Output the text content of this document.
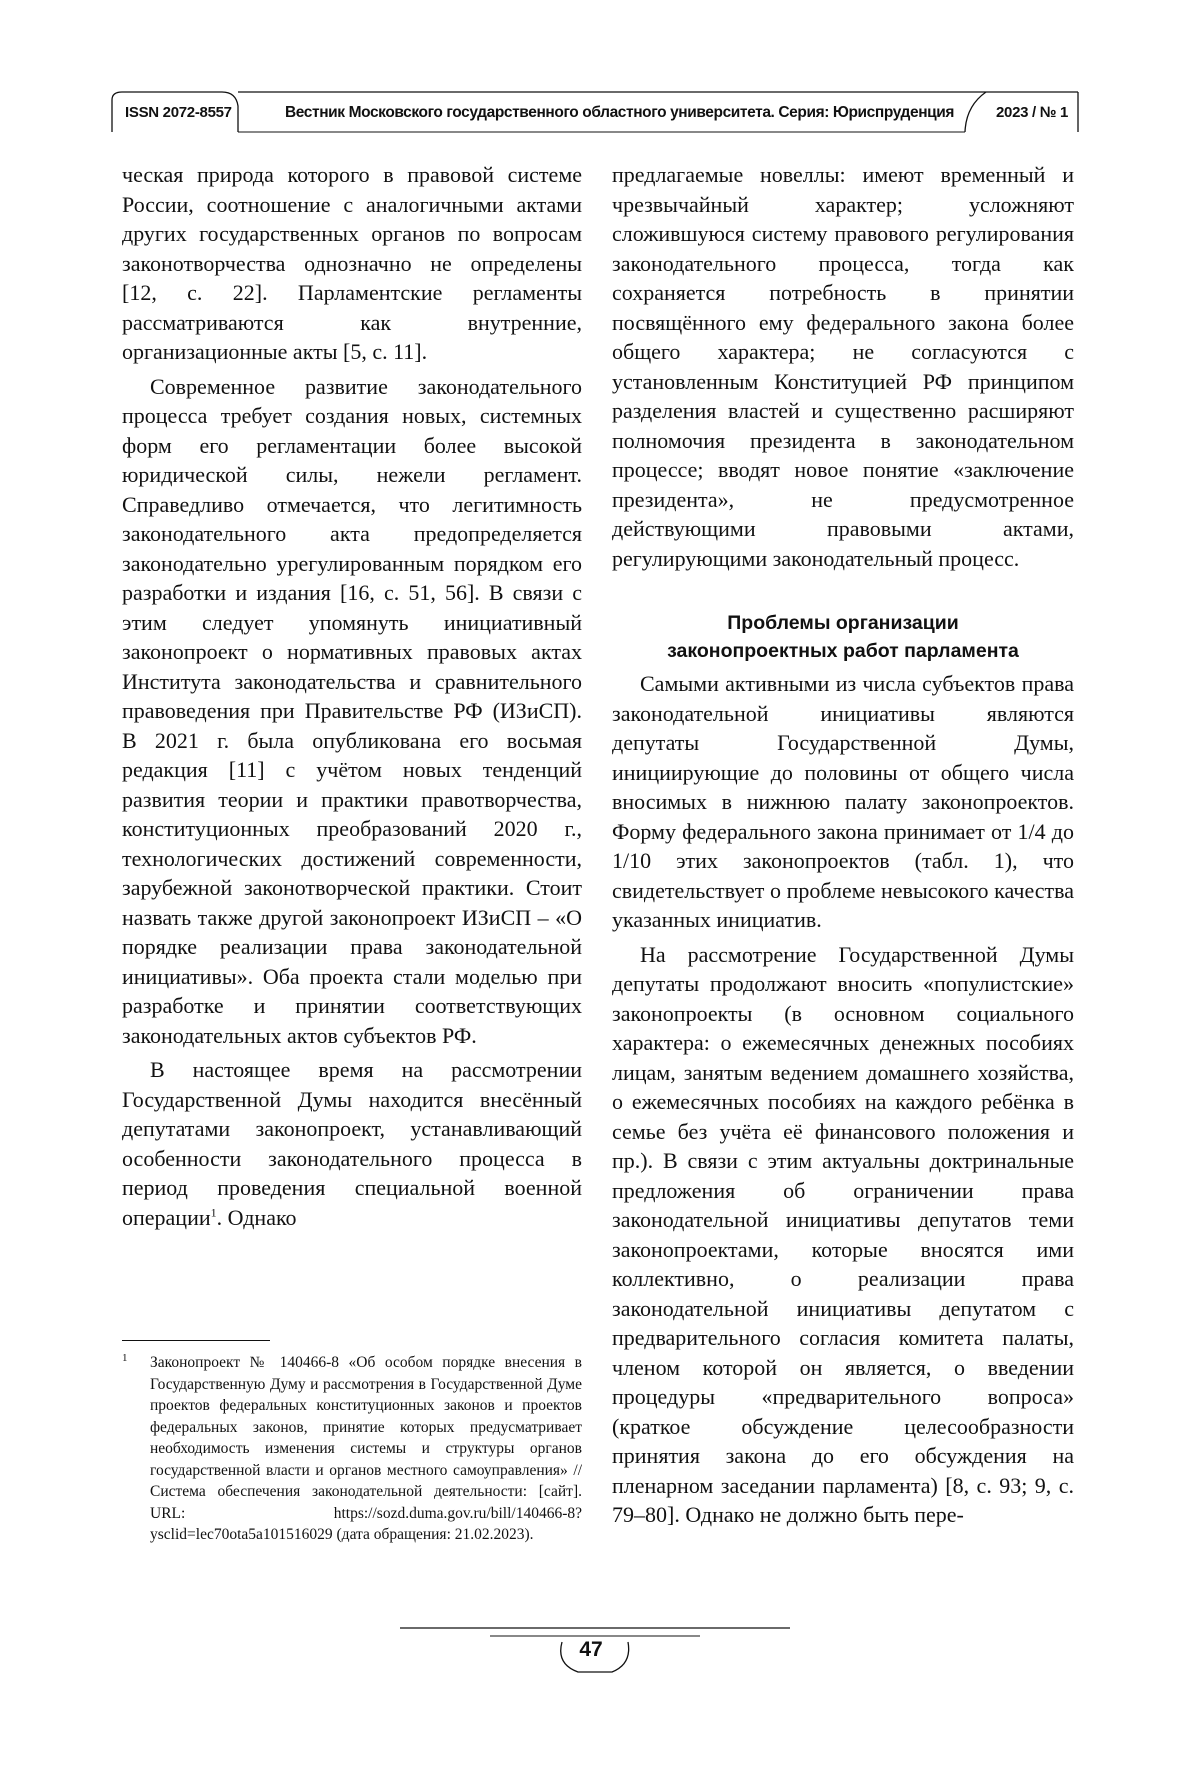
ISSN 2072-8557	Вестник Московского государственного областного университета. Серия: Юриспруденция	2023 / № 1

ческая природа которого в правовой системе России, соотношение с аналогичными актами других государственных органов по вопросам законотворчества однозначно не определены [12, с. 22]. Парламентские регламенты рассматриваются как внутренние, организационные акты [5, с. 11].

Современное развитие законодательного процесса требует создания новых, системных форм его регламентации более высокой юридической силы, нежели регламент. Справедливо отмечается, что легитимность законодательного акта предопределяется законодательно урегулированным порядком его разработки и издания [16, с. 51, 56]. В связи с этим следует упомянуть инициативный законопроект о нормативных правовых актах Института законодательства и сравнительного правоведения при Правительстве РФ (ИЗиСП). В 2021 г. была опубликована его восьмая редакция [11] с учётом новых тенденций развития теории и практики правотворчества, конституционных преобразований 2020 г., технологических достижений современности, зарубежной законотворческой практики. Стоит назвать также другой законопроект ИЗиСП – «О порядке реализации права законодательной инициативы». Оба проекта стали моделью при разработке и принятии соответствующих законодательных актов субъектов РФ.

В настоящее время на рассмотрении Государственной Думы находится внесённый депутатами законопроект, устанавливающий особенности законодательного процесса в период проведения специальной военной операции$^1$. Однако

1 Законопроект № 140466-8 «Об особом порядке внесения в Государственную Думу и рассмотрения в Государственной Думе проектов федеральных конституционных законов и проектов федеральных законов, принятие которых предусматривает необходимость изменения системы и структуры органов государственной власти и органов местного самоуправления» // Система обеспечения законодательной деятельности: [сайт]. URL: https://sozd.duma.gov.ru/bill/140466-8?ysclid=lec70ota5a101516029 (дата обращения: 21.02.2023).

предлагаемые новеллы: имеют временный и чрезвычайный характер; усложняют сложившуюся систему правового регулирования законодательного процесса, тогда как сохраняется потребность в принятии посвящённого ему федерального закона более общего характера; не согласуются с установленным Конституцией РФ принципом разделения властей и существенно расширяют полномочия президента в законодательном процессе; вводят новое понятие «заключение президента», не предусмотренное действующими правовыми актами, регулирующими законодательный процесс.

Проблемы организации
законопроектных работ парламента

Самыми активными из числа субъектов права законодательной инициативы являются депутаты Государственной Думы, инициирующие до половины от общего числа вносимых в нижнюю палату законопроектов. Форму федерального закона принимает от 1/4 до 1/10 этих законопроектов (табл. 1), что свидетельствует о проблеме невысокого качества указанных инициатив.

На рассмотрение Государственной Думы депутаты продолжают вносить «популистские» законопроекты (в основном социального характера: о ежемесячных денежных пособиях лицам, занятым ведением домашнего хозяйства, о ежемесячных пособиях на каждого ребёнка в семье без учёта её финансового положения и пр.). В связи с этим актуальны доктринальные предложения об ограничении права законодательной инициативы депутатов теми законопроектами, которые вносятся ими коллективно, о реализации права законодательной инициативы депутатом с предварительного согласия комитета палаты, членом которой он является, о введении процедуры «предварительного вопроса» (краткое обсуждение целесообразности принятия закона до его обсуждения на пленарном заседании парламента) [8, с. 93; 9, с. 79–80]. Однако не должно быть пере-

47
